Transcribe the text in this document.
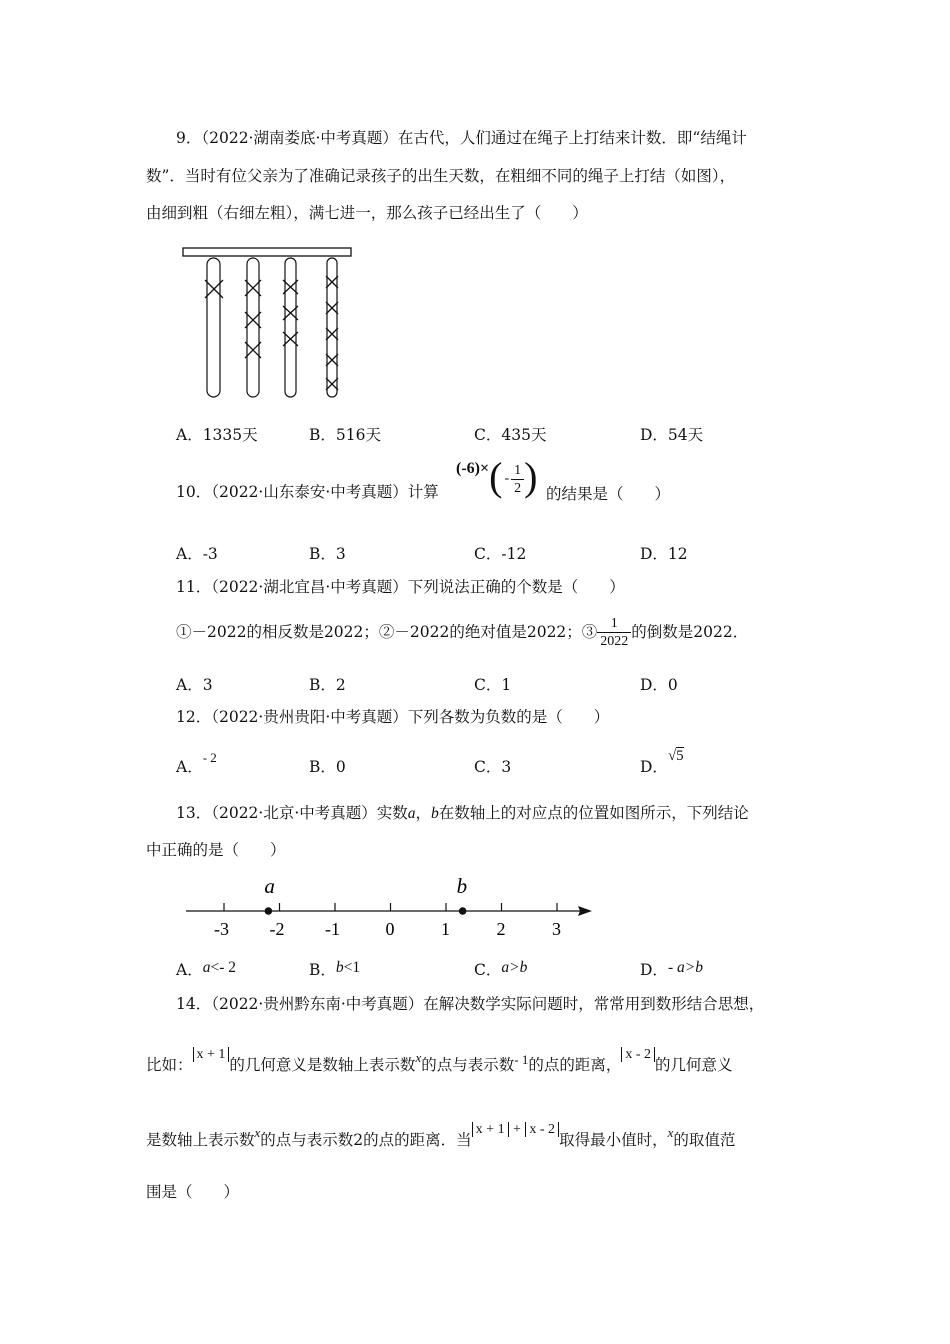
9．（2022·湖南娄底·中考真题）在古代，人们通过在绳子上打结来计数．即“结绳计
数”．当时有位父亲为了准确记录孩子的出生天数，在粗细不同的绳子上打结（如图），
由细到粗（右细左粗），满七进一，那么孩子已经出生了（　　）
A．1335天	B．516天	C．435天	D．54天
10．（2022·山东泰安·中考真题）计算
(-6)× ( - $\frac{1}{2}$ ) 的结果是（　　）
A．-3	B．3	C．-12	D．12
11．（2022·湖北宜昌·中考真题）下列说法正确的个数是（　　）
①－2022的相反数是2022；②－2022的绝对值是2022；③ $\frac{1}{2022}$ 的倒数是2022．
A．3	B．2	C．1	D．0
12．（2022·贵州贵阳·中考真题）下列各数为负数的是（　　）
A．$^{- 2}$
B．0	C．3	D．√5
13．（2022·北京·中考真题）实数a，b在数轴上的对应点的位置如图所示，下列结论
中正确的是（　　）
-3 -2 -1	0	1	2	3
a	b
A．a<- 2	B．b<1	C．a>b	D．- a>b
14．（2022·贵州黔东南·中考真题）在解决数学实际问题时，常常用到数形结合思想，
比如：x + 1的几何意义是数轴上表示数$^x$的点与表示数$^{- 1}$的点的距离，x - 2的几何意义
是数轴上表示数$^x$的点与表示数2的点的距离．当x + 1 + x - 2取得最小值时，$^x$的取值范
围是（　　）
